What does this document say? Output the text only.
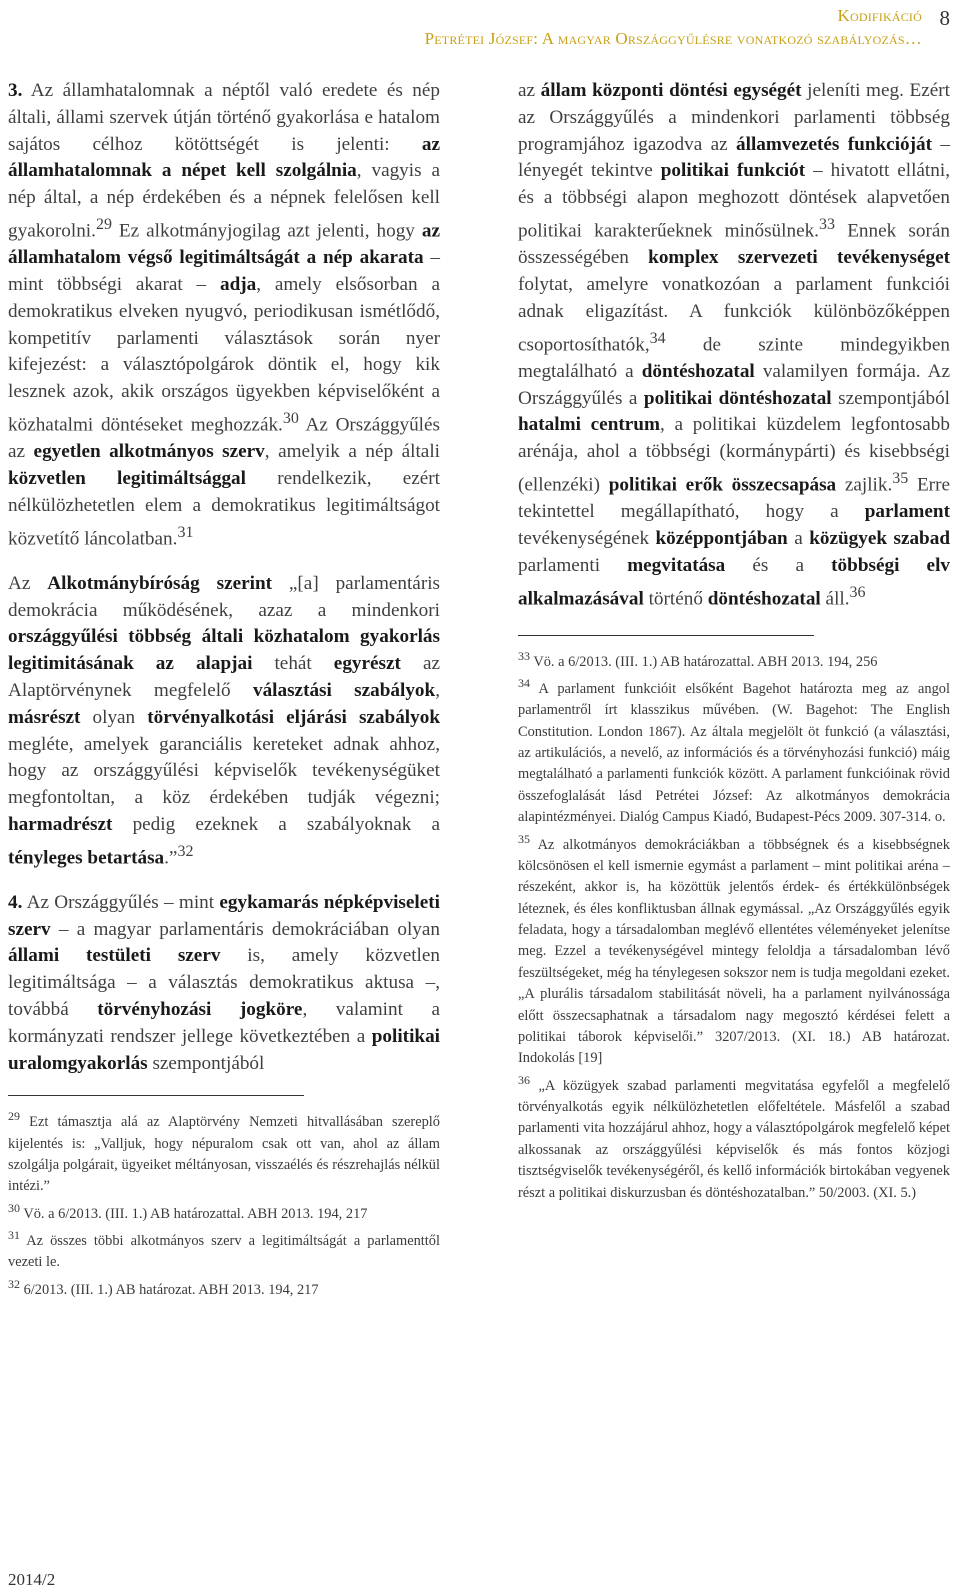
Kodifikáció
Petrétei József: A magyar Országgyűlésre vonatkozó szabályozás…
8

3. Az államhatalomnak a néptől való eredete és nép általi, állami szervek útján történő gyakorlása e hatalom sajátos célhoz kötöttségét is jelenti: az államhatalomnak a népet kell szolgálnia, vagyis a nép által, a nép érdekében és a népnek felelősen kell gyakorolni.$^{29}$ Ez alkotmányjogilag azt jelenti, hogy az államhatalom végső legitimáltságát a nép akarata – mint többségi akarat – adja, amely elsősorban a demokratikus elveken nyugvó, periodikusan ismétlődő, kompetitív parlamenti választások során nyer kifejezést: a választópolgárok döntik el, hogy kik lesznek azok, akik országos ügyekben képviselőként a közhatalmi döntéseket meghozzák.$^{30}$ Az Országgyűlés az egyetlen alkotmányos szerv, amelyik a nép általi közvetlen legitimáltsággal rendelkezik, ezért nélkülözhetetlen elem a demokratikus legitimáltságot közvetítő láncolatban.$^{31}$

Az Alkotmánybíróság szerint „[a] parlamentáris demokrácia működésének, azaz a mindenkori országgyűlési többség általi közhatalom gyakorlás legitimitásának az alapjai tehát egyrészt az Alaptörvénynek megfelelő választási szabályok, másrészt olyan törvényalkotási eljárási szabályok megléte, amelyek garanciális kereteket adnak ahhoz, hogy az országgyűlési képviselők tevékenységüket megfontoltan, a köz érdekében tudják végezni; harmadrészt pedig ezeknek a szabályoknak a tényleges betartása.”$^{32}$

4. Az Országgyűlés – mint egykamarás népképviseleti szerv – a magyar parlamentáris demokráciában olyan állami testületi szerv is, amely közvetlen legitimáltsága – a választás demokratikus aktusa –, továbbá törvényhozási jogköre, valamint a kormányzati rendszer jellege következtében a politikai uralomgyakorlás szempontjából

$^{29}$ Ezt támasztja alá az Alaptörvény Nemzeti hitvallásában szereplő kijelentés is: „Valljuk, hogy népuralom csak ott van, ahol az állam szolgálja polgárait, ügyeiket méltányosan, visszaélés és részrehajlás nélkül intézi.”

$^{30}$ Vö. a 6/2013. (III. 1.) AB határozattal. ABH 2013. 194, 217

$^{31}$ Az összes többi alkotmányos szerv a legitimáltságát a parlamenttől vezeti le.

$^{32}$ 6/2013. (III. 1.) AB határozat. ABH 2013. 194, 217

az állam központi döntési egységét jeleníti meg. Ezért az Országgyűlés a mindenkori parlamenti többség programjához igazodva az államvezetés funkcióját – lényegét tekintve politikai funkciót – hivatott ellátni, és a többségi alapon meghozott döntések alapvetően politikai karakterűeknek minősülnek.$^{33}$ Ennek során összességében komplex szervezeti tevékenységet folytat, amelyre vonatkozóan a parlament funkciói adnak eligazítást. A funkciók különbözőképpen csoportosíthatók,$^{34}$ de szinte mindegyikben megtalálható a döntéshozatal valamilyen formája. Az Országgyűlés a politikai döntéshozatal szempontjából hatalmi centrum, a politikai küzdelem legfontosabb arénája, ahol a többségi (kormánypárti) és kisebbségi (ellenzéki) politikai erők összecsapása zajlik.$^{35}$ Erre tekintettel megállapítható, hogy a parlament tevékenységének középpontjában a közügyek szabad parlamenti megvitatása és a többségi elv alkalmazásával történő döntéshozatal áll.$^{36}$

$^{33}$ Vö. a 6/2013. (III. 1.) AB határozattal. ABH 2013. 194, 256

$^{34}$ A parlament funkcióit elsőként Bagehot határozta meg az angol parlamentről írt klasszikus művében. (W. Bagehot: The English Constitution. London 1867). Az általa megjelölt öt funkció (a választási, az artikulációs, a nevelő, az információs és a törvényhozási funkció) máig megtalálható a parlamenti funkciók között. A parlament funkcióinak rövid összefoglalását lásd Petrétei József: Az alkotmányos demokrácia alapintézményei. Dialóg Campus Kiadó, Budapest-Pécs 2009. 307-314. o.

$^{35}$ Az alkotmányos demokráciákban a többségnek és a kisebbségnek kölcsönösen el kell ismernie egymást a parlament – mint politikai aréna – részeként, akkor is, ha közöttük jelentős érdek- és értékkülönbségek léteznek, és éles konfliktusban állnak egymással. „Az Országgyűlés egyik feladata, hogy a társadalomban meglévő ellentétes véleményeket jelenítse meg. Ezzel a tevékenységével mintegy feloldja a társadalomban lévő feszültségeket, még ha ténylegesen sokszor nem is tudja megoldani ezeket. „A plurális társadalom stabilitását növeli, ha a parlament nyilvánossága előtt összecsaphatnak a társadalom nagy megosztó kérdései felett a politikai táborok képviselői.” 3207/2013. (XI. 18.) AB határozat. Indokolás [19]

$^{36}$ „A közügyek szabad parlamenti megvitatása egyfelől a megfelelő törvényalkotás egyik nélkülözhetetlen előfeltétele. Másfelől a szabad parlamenti vita hozzájárul ahhoz, hogy a választópolgárok megfelelő képet alkossanak az országgyűlési képviselők és más fontos közjogi tisztségviselők tevékenységéről, és kellő információk birtokában vegyenek részt a politikai diskurzusban és döntéshozatalban.” 50/2003. (XI. 5.)

2014/2
